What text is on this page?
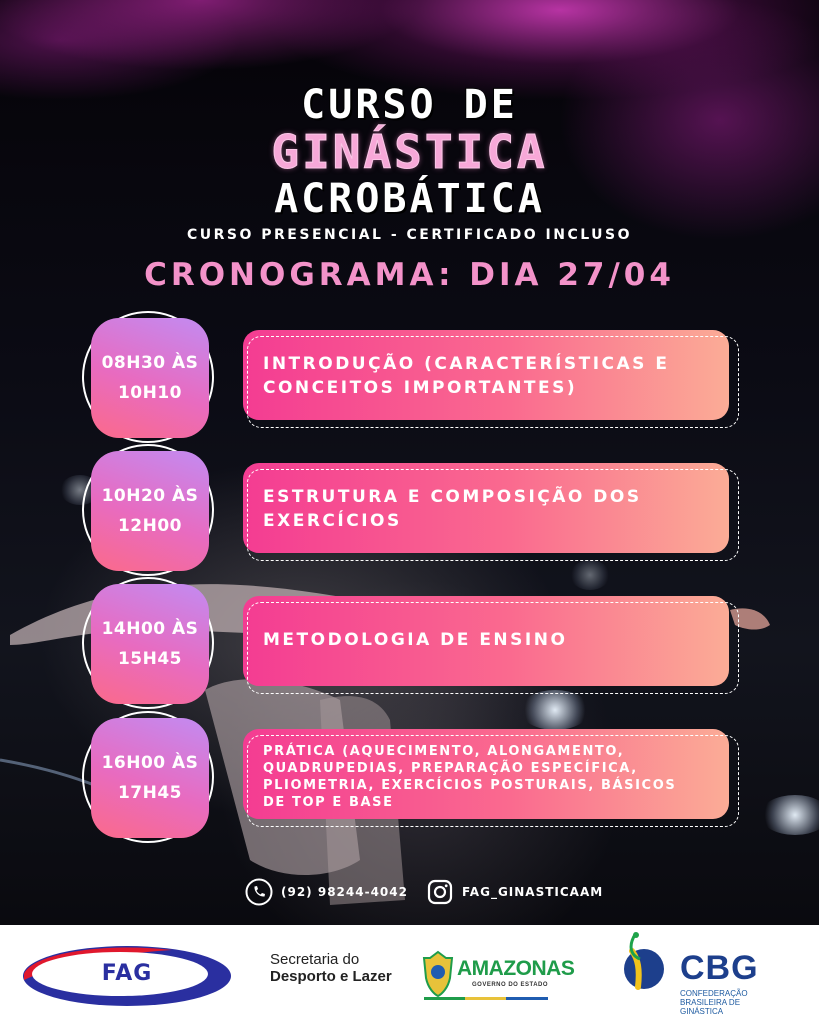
CURSO DE
GINÁSTICA
ACROBÁTICA
CURSO PRESENCIAL - CERTIFICADO INCLUSO
CRONOGRAMA: DIA 27/04
08H30 ÀS
10H10
INTRODUÇÃO (CARACTERÍSTICAS E
CONCEITOS IMPORTANTES)
10H20 ÀS
12H00
ESTRUTURA E COMPOSIÇÃO DOS
EXERCÍCIOS
14H00 ÀS
15H45
METODOLOGIA DE ENSINO
16H00 ÀS
17H45
PRÁTICA (AQUECIMENTO, ALONGAMENTO,
QUADRUPEDIAS, PREPARAÇÃO ESPECÍFICA,
PLIOMETRIA, EXERCÍCIOS POSTURAIS, BÁSICOS
DE TOP E BASE
(92) 98244-4042	FAG_GINASTICAAM
FAG
Secretaria do
Desporto e Lazer	AMAZONAS
GOVERNO DO ESTADO	CBG
CONFEDERAÇÃO
BRASILEIRA DE
GINÁSTICA
